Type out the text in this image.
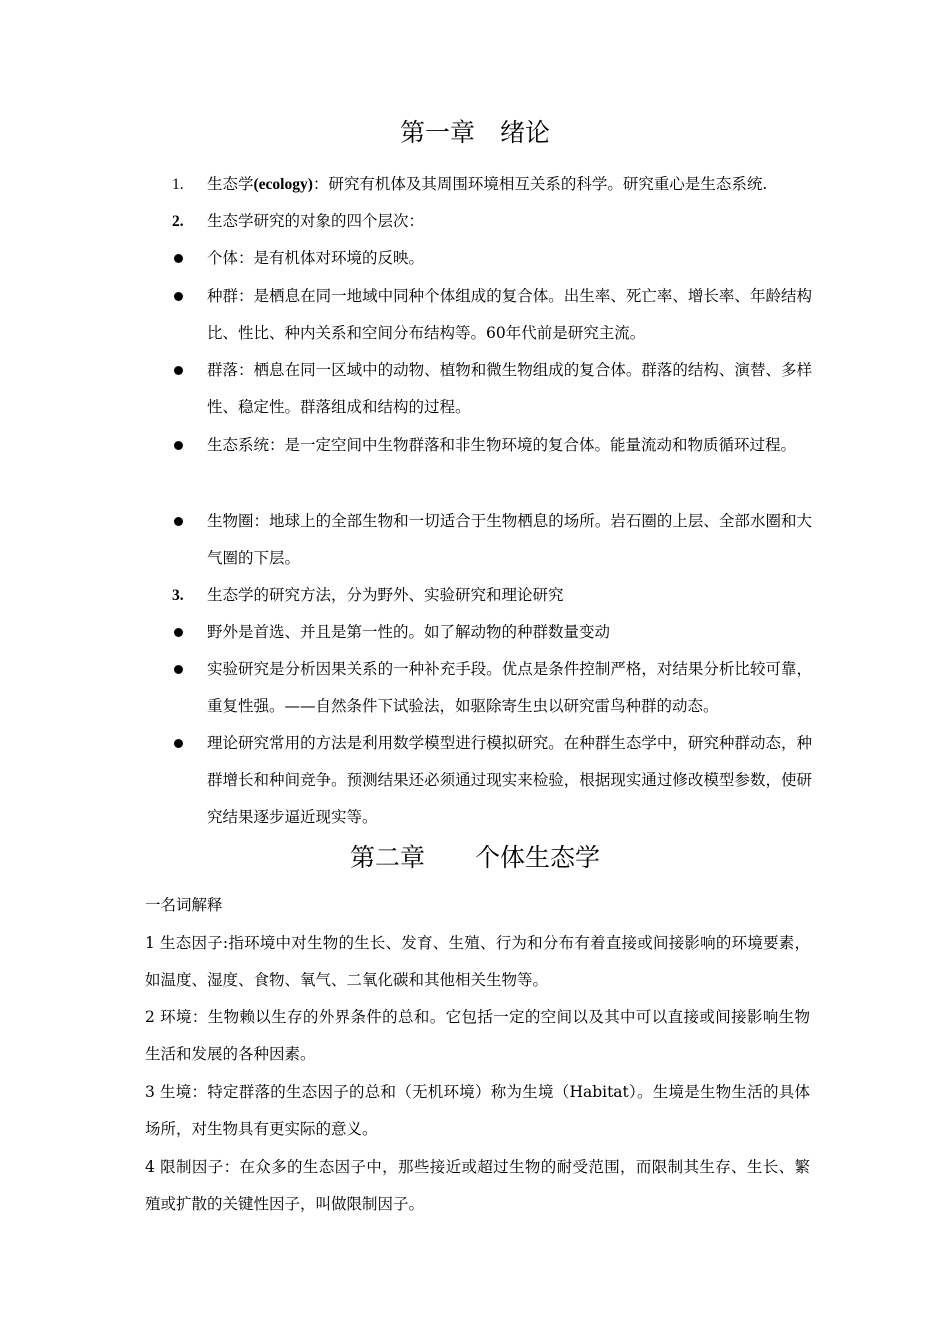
第一章　绪论
1.	生态学(ecology)：研究有机体及其周围环境相互关系的科学。研究重心是生态系统.
2.	生态学研究的对象的四个层次：
个体：是有机体对环境的反映。
种群：是栖息在同一地域中同种个体组成的复合体。出生率、死亡率、增长率、年龄结构比、性比、种内关系和空间分布结构等。60年代前是研究主流。
群落：栖息在同一区域中的动物、植物和微生物组成的复合体。群落的结构、演替、多样性、稳定性。群落组成和结构的过程。
生态系统：是一定空间中生物群落和非生物环境的复合体。能量流动和物质循环过程。
生物圈：地球上的全部生物和一切适合于生物栖息的场所。岩石圈的上层、全部水圈和大气圈的下层。
3.	生态学的研究方法，分为野外、实验研究和理论研究
野外是首选、并且是第一性的。如了解动物的种群数量变动
实验研究是分析因果关系的一种补充手段。优点是条件控制严格，对结果分析比较可靠，重复性强。——自然条件下试验法，如驱除寄生虫以研究雷鸟种群的动态。
理论研究常用的方法是利用数学模型进行模拟研究。在种群生态学中，研究种群动态，种群增长和种间竞争。预测结果还必须通过现实来检验，根据现实通过修改模型参数，使研究结果逐步逼近现实等。
第二章　　个体生态学
一名词解释
1 生态因子:指环境中对生物的生长、发育、生殖、行为和分布有着直接或间接影响的环境要素，如温度、湿度、食物、氧气、二氧化碳和其他相关生物等。
2 环境：生物赖以生存的外界条件的总和。它包括一定的空间以及其中可以直接或间接影响生物生活和发展的各种因素。
3 生境：特定群落的生态因子的总和（无机环境）称为生境（Habitat）。生境是生物生活的具体场所，对生物具有更实际的意义。
4 限制因子：在众多的生态因子中，那些接近或超过生物的耐受范围，而限制其生存、生长、繁殖或扩散的关键性因子，叫做限制因子。
